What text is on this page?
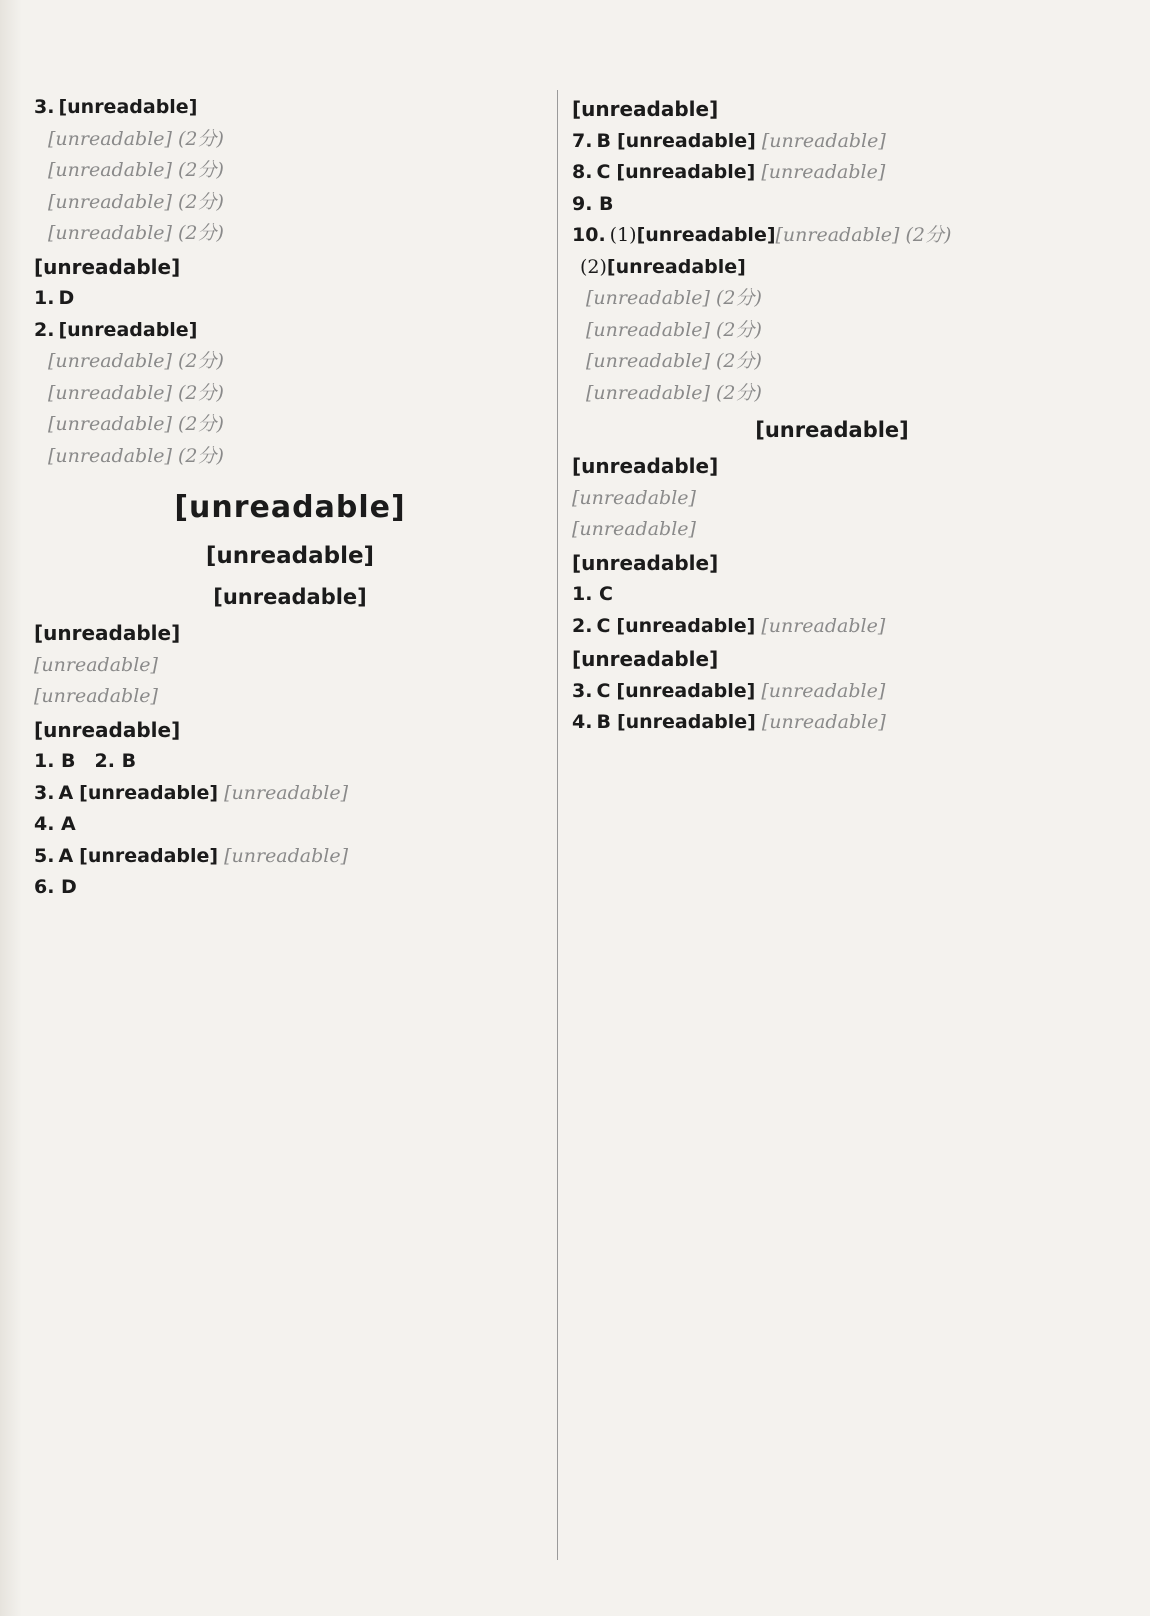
3. [unreadable]

[unreadable] (2分)

[unreadable] (2分)

[unreadable] (2分)

[unreadable] (2分)

[unreadable]

1. D

2. [unreadable]

[unreadable] (2分)

[unreadable] (2分)

[unreadable] (2分)

[unreadable] (2分)

[unreadable]

[unreadable]

[unreadable]

[unreadable]

[unreadable]

[unreadable]

[unreadable]

1. B　2. B

3. A [unreadable] [unreadable]

4. A

5. A [unreadable] [unreadable]

6. D

[unreadable]

7. B [unreadable] [unreadable]

8. C [unreadable] [unreadable]

9. B

10. (1)[unreadable][unreadable] (2分)

(2)[unreadable]

[unreadable] (2分)

[unreadable] (2分)

[unreadable] (2分)

[unreadable] (2分)

[unreadable]

[unreadable]

[unreadable]

[unreadable]

[unreadable]

1. C

2. C [unreadable] [unreadable]

[unreadable]

3. C [unreadable] [unreadable]

4. B [unreadable] [unreadable]
